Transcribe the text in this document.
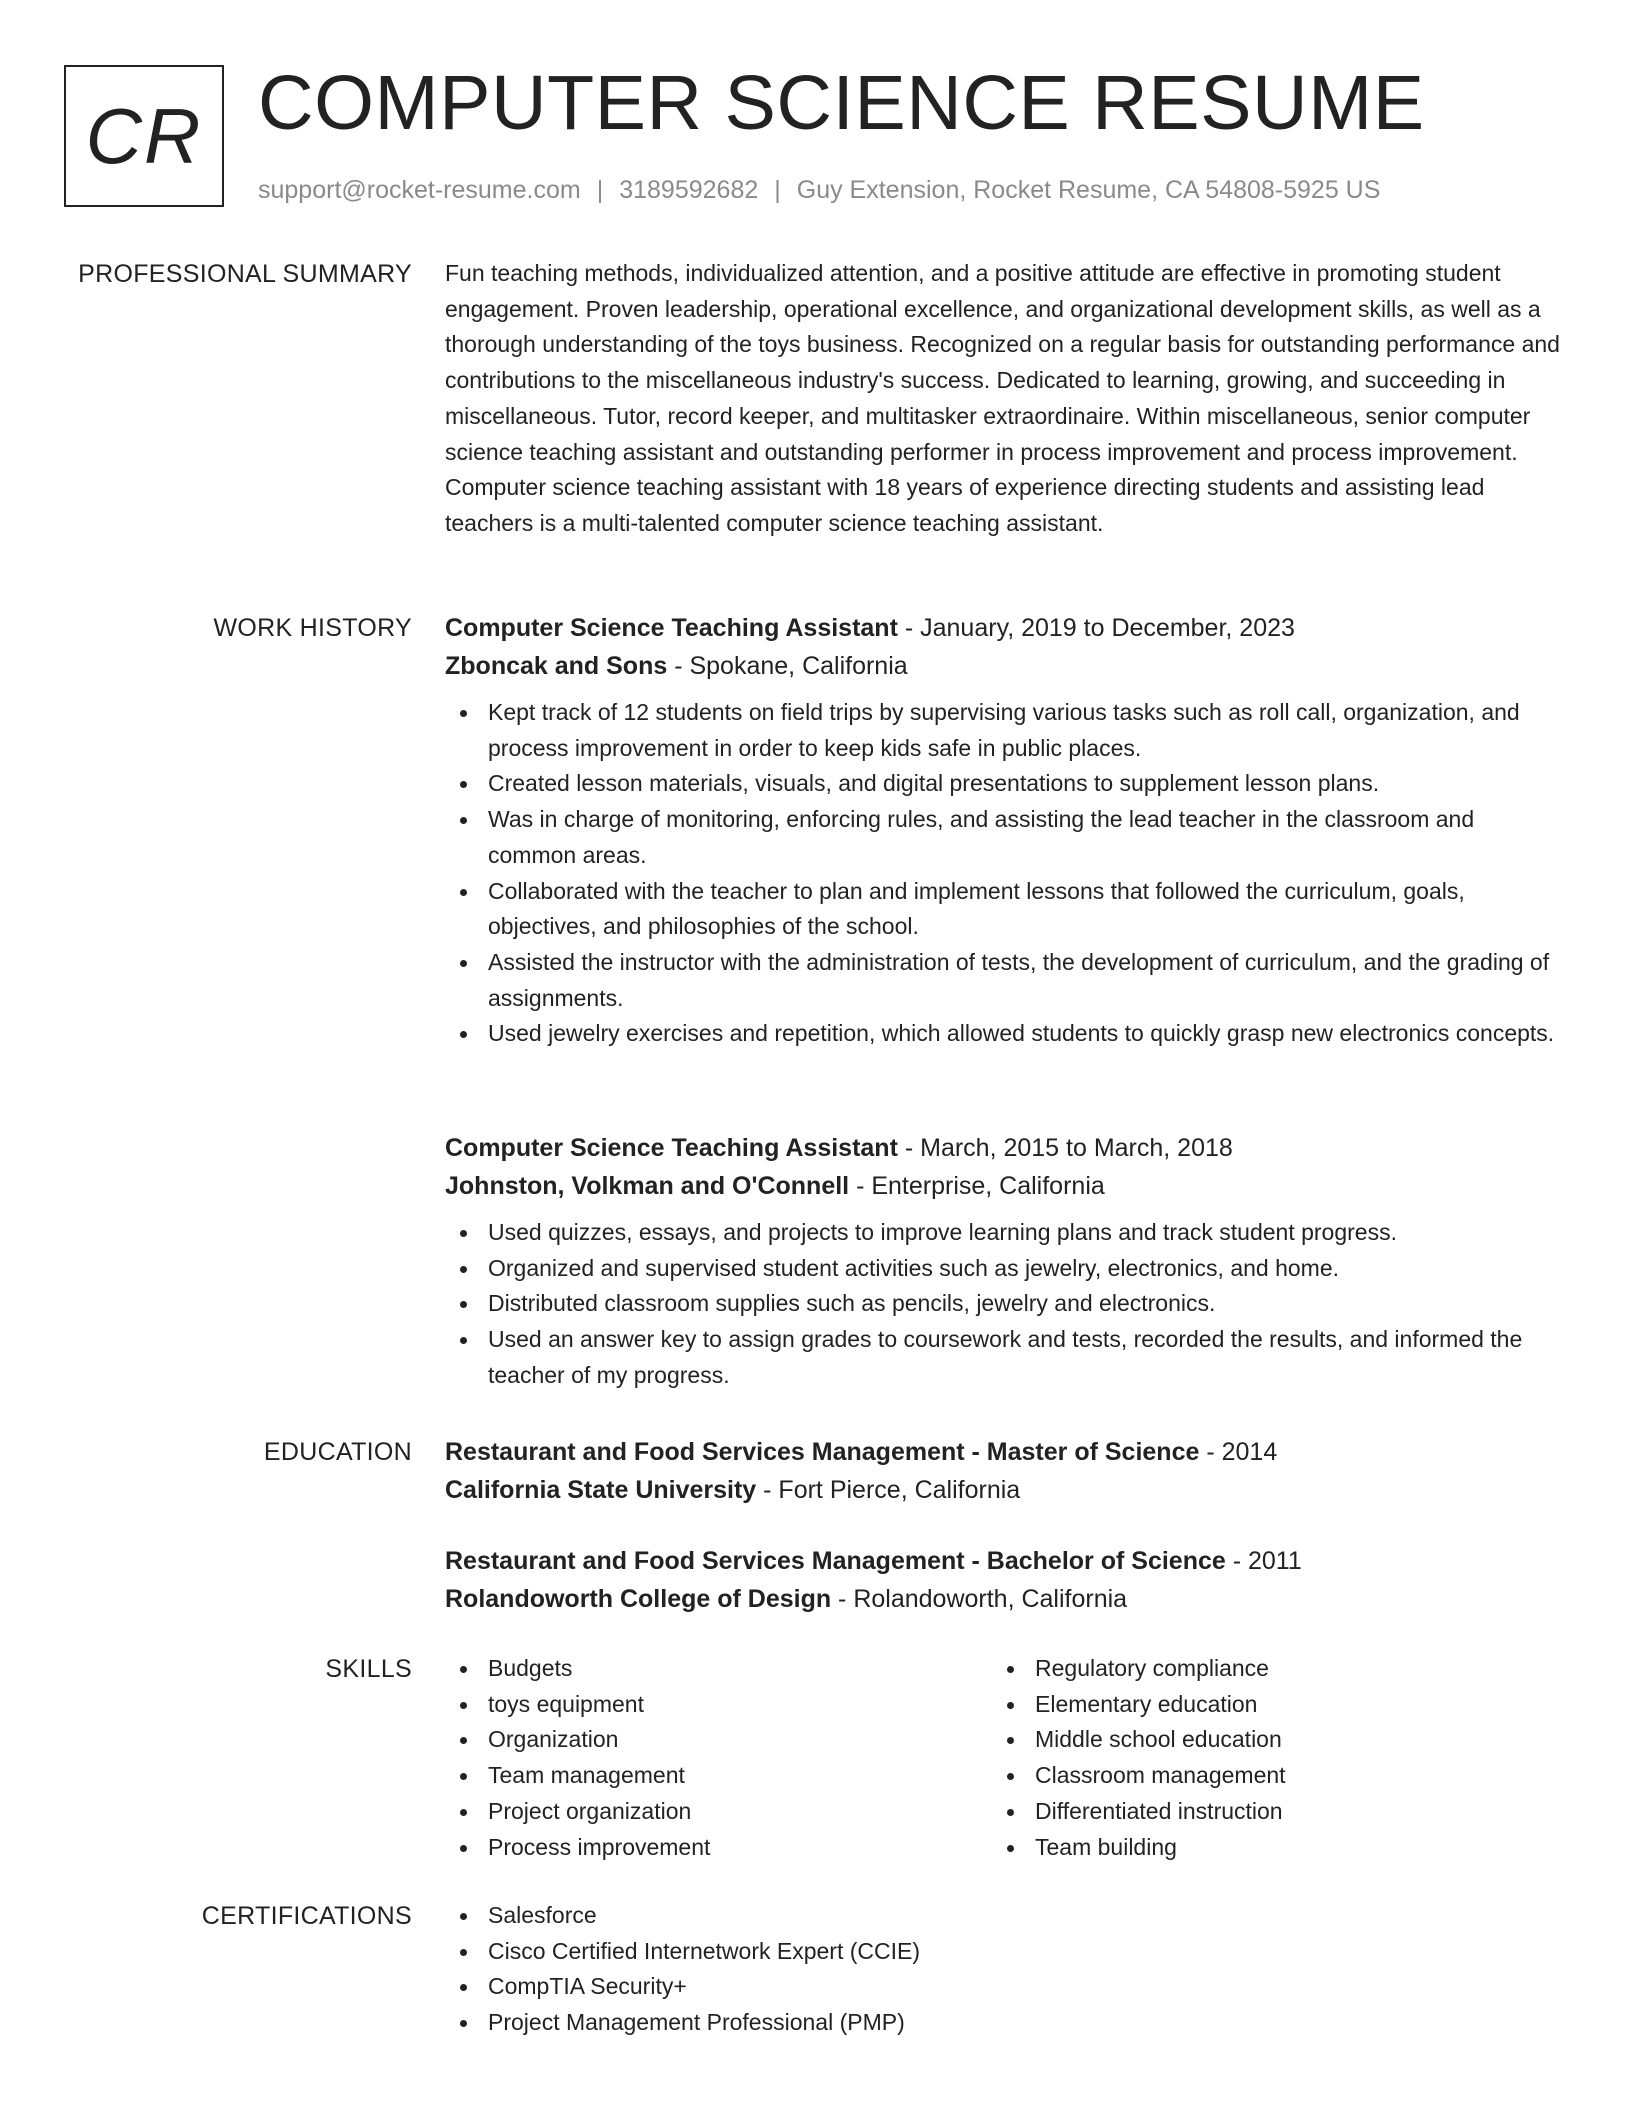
CR COMPUTER SCIENCE RESUME
support@rocket-resume.com | 3189592682 | Guy Extension, Rocket Resume, CA 54808-5925 US
PROFESSIONAL SUMMARY Fun teaching methods, individualized attention, and a positive attitude are effective in promoting student engagement. Proven leadership, operational excellence, and organizational development skills, as well as a thorough understanding of the toys business. Recognized on a regular basis for outstanding performance and contributions to the miscellaneous industry's success. Dedicated to learning, growing, and succeeding in miscellaneous. Tutor, record keeper, and multitasker extraordinaire. Within miscellaneous, senior computer science teaching assistant and outstanding performer in process improvement and process improvement. Computer science teaching assistant with 18 years of experience directing students and assisting lead teachers is a multi-talented computer science teaching assistant.

WORK HISTORY Computer Science Teaching Assistant - January, 2019 to December, 2023
Zboncak and Sons - Spokane, California
Kept track of 12 students on field trips by supervising various tasks such as roll call, organization, and process improvement in order to keep kids safe in public places.
Created lesson materials, visuals, and digital presentations to supplement lesson plans.
Was in charge of monitoring, enforcing rules, and assisting the lead teacher in the classroom and common areas.
Collaborated with the teacher to plan and implement lessons that followed the curriculum, goals, objectives, and philosophies of the school.
Assisted the instructor with the administration of tests, the development of curriculum, and the grading of assignments.
Used jewelry exercises and repetition, which allowed students to quickly grasp new electronics concepts.
Computer Science Teaching Assistant - March, 2015 to March, 2018
Johnston, Volkman and O'Connell - Enterprise, California
Used quizzes, essays, and projects to improve learning plans and track student progress.
Organized and supervised student activities such as jewelry, electronics, and home.
Distributed classroom supplies such as pencils, jewelry and electronics.
Used an answer key to assign grades to coursework and tests, recorded the results, and informed the teacher of my progress.
EDUCATION Restaurant and Food Services Management - Master of Science - 2014
California State University - Fort Pierce, California
Restaurant and Food Services Management - Bachelor of Science - 2011
Rolandoworth College of Design - Rolandoworth, California
SKILLS	Budgets
toys equipment
Organization
Team management
Project organization
Process improvement
Regulatory compliance
Elementary education
Middle school education
Classroom management
Differentiated instruction
Team building
CERTIFICATIONS	Salesforce
Cisco Certified Internetwork Expert (CCIE)
CompTIA Security+
Project Management Professional (PMP)
